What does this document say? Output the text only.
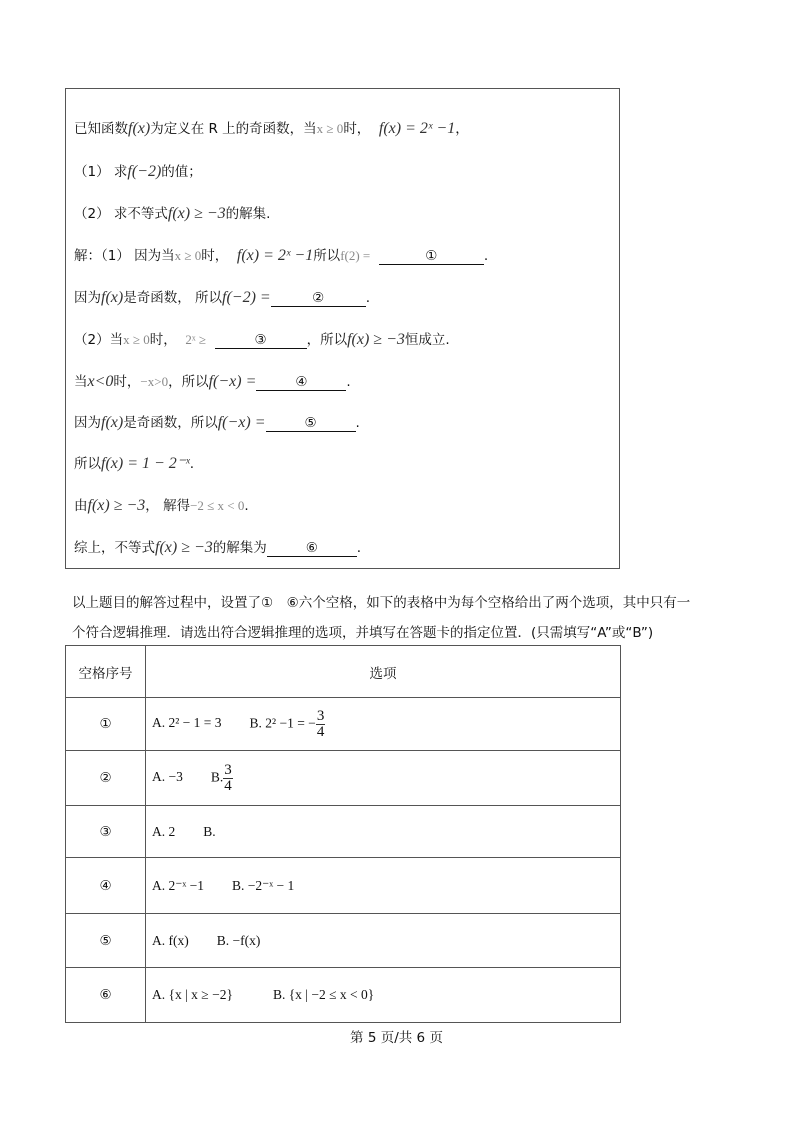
已知函数f(x)为定义在 R 上的奇函数，当x ≥ 0时， f(x) = 2ˣ −1，
（1） 求f(−2)的值；
（2） 求不等式f(x) ≥ −3的解集.
解：（1） 因为当x ≥ 0时， f(x) = 2ˣ −1所以f(2) =	①	.
因为f(x)是奇函数， 所以f(−2) =	②	.
（2）当x ≥ 0时， 2ˣ ≥	③	，所以f(x) ≥ −3恒成立.
当x<0时，−x>0，所以f(−x) =	④	.
因为f(x)是奇函数，所以f(−x) =	⑤	.
所以f(x) = 1 − 2⁻ˣ.
由f(x) ≥ −3， 解得−2 ≤ x < 0.
综上，不等式f(x) ≥ −3的解集为	⑥	.
以上题目的解答过程中，设置了①　⑥六个空格，如下的表格中为每个空格给出了两个选项，其中只有一
个符合逻辑推理．请选出符合逻辑推理的选项，并填写在答题卡的指定位置．(只需填写“A”或“B”)
空格序号	选项
①	A. 2² − 1 = 3 B. 2² −1 = − $\frac{3}{4}$

②	A. −3 B. $\frac{3}{4}$

③	A. 2 B.
④	A. 2⁻ˣ −1 B. −2⁻ˣ − 1
⑤	A. f(x) B. −f(x)
⑥	A. {x | x ≥ −2} B. {x | −2 ≤ x < 0}
第 5 页/共 6 页
